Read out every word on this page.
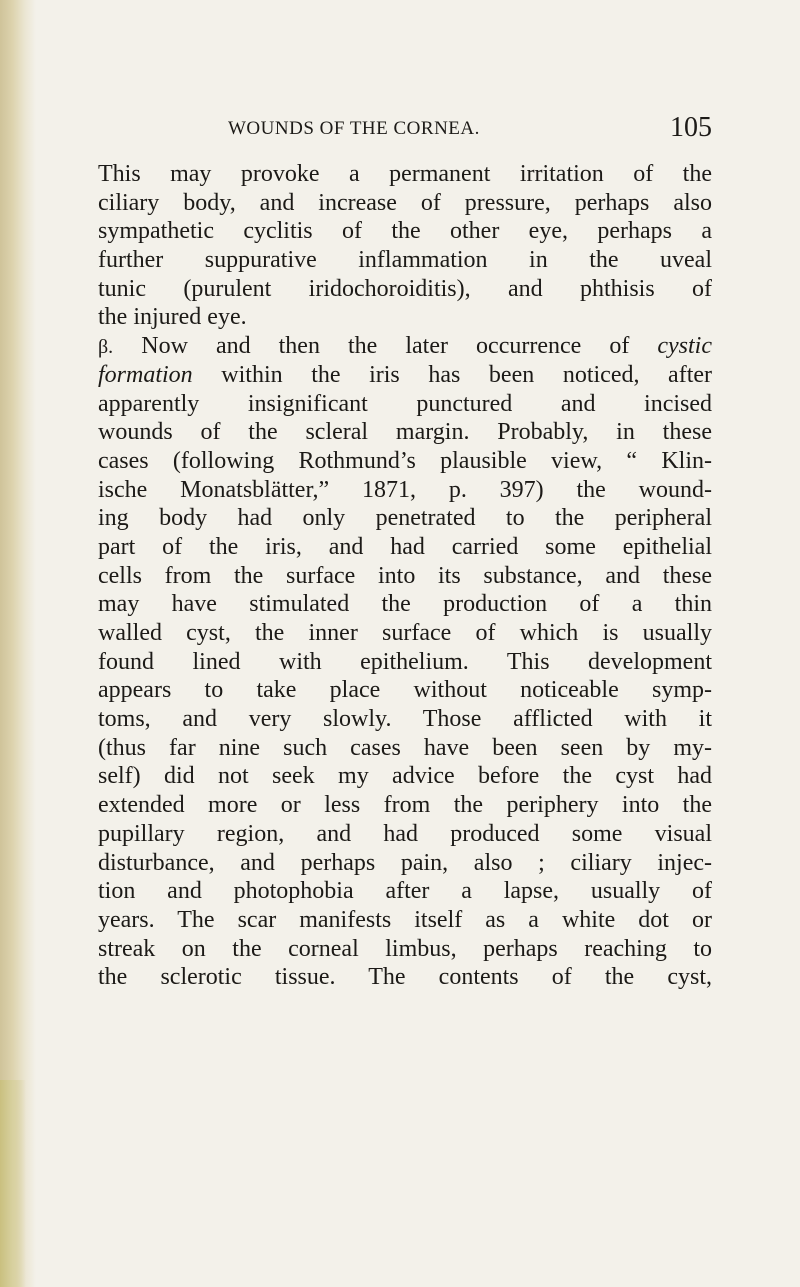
WOUNDS OF THE CORNEA.	105
This may provoke a permanent irritation of the
ciliary body, and increase of pressure, perhaps also
sympathetic cyclitis of the other eye, perhaps a
further suppurative inflammation in the uveal
tunic (purulent iridochoroiditis), and phthisis of
the injured eye.
β. Now and then the later occurrence of cystic
formation within the iris has been noticed, after
apparently insignificant punctured and incised
wounds of the scleral margin. Probably, in these
cases (following Rothmund’s plausible view, “ Klin-
ische Monatsblätter,” 1871, p. 397) the wound-
ing body had only penetrated to the peripheral
part of the iris, and had carried some epithelial
cells from the surface into its substance, and these
may have stimulated the production of a thin
walled cyst, the inner surface of which is usually
found lined with epithelium. This development
appears to take place without noticeable symp-
toms, and very slowly. Those afflicted with it
(thus far nine such cases have been seen by my-
self) did not seek my advice before the cyst had
extended more or less from the periphery into the
pupillary region, and had produced some visual
disturbance, and perhaps pain, also ; ciliary injec-
tion and photophobia after a lapse, usually of
years. The scar manifests itself as a white dot or
streak on the corneal limbus, perhaps reaching to
the sclerotic tissue. The contents of the cyst,
